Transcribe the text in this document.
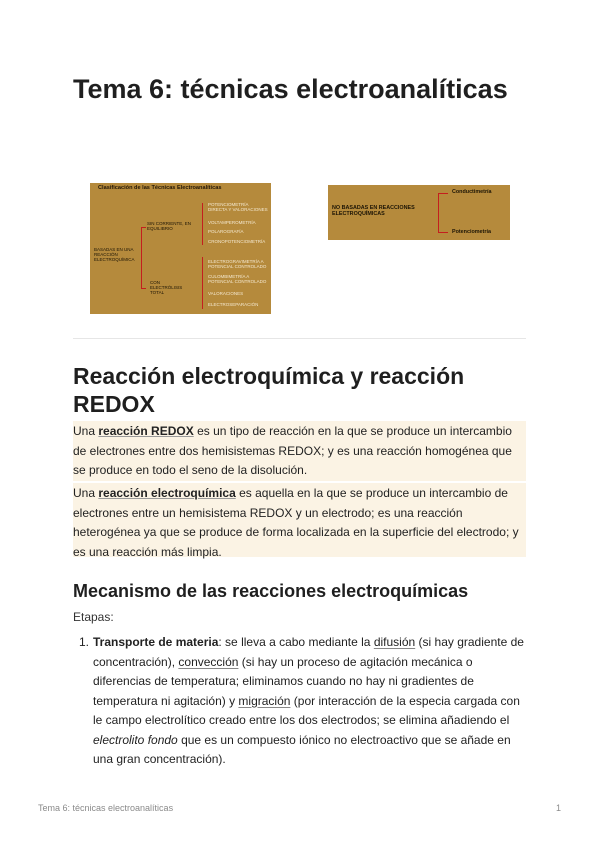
Tema 6: técnicas electroanalíticas
Clasificación de las Técnicas Electroanalíticas
BASADAS EN UNA REACCIÓN ELECTROQUÍMICA
SIN CORRIENTE, EN EQUILIBRIO
CON ELECTRÓLISIS TOTAL
POTENCIOMETRÍA DIRECTA Y VALORACIONES
VOLTAMPEROMETRÍA
POLAROGRAFÍA
CRONOPOTENCIOMETRÍA
ELECTROGRAVIMETRÍA A POTENCIAL CONTROLADO
CULOMBIMETRÍA A POTENCIAL CONTROLADO
VALORACIONES
ELECTROSEPARACIÓN
NO BASADAS EN REACCIONES ELECTROQUÍMICAS
Conductimetría
Potenciometría
Reacción electroquímica y reacción REDOX
Una reacción REDOX es un tipo de reacción en la que se produce un intercambio de electrones entre dos hemisistemas REDOX; y es una reacción homogénea que se produce en todo el seno de la disolución.
Una reacción electroquímica es aquella en la que se produce un intercambio de electrones entre un hemisistema REDOX y un electrodo; es una reacción heterogénea ya que se produce de forma localizada en la superficie del electrodo; y es una reacción más limpia.
Mecanismo de las reacciones electroquímicas
Etapas:
1. Transporte de materia: se lleva a cabo mediante la difusión (si hay gradiente de concentración), convección (si hay un proceso de agitación mecánica o diferencias de temperatura; eliminamos cuando no hay ni gradientes de temperatura ni agitación) y migración (por interacción de la especia cargada con le campo electrolítico creado entre los dos electrodos; se elimina añadiendo el electrolito fondo que es un compuesto iónico no electroactivo que se añade en una gran concentración).
Tema 6: técnicas electroanalíticas	1
